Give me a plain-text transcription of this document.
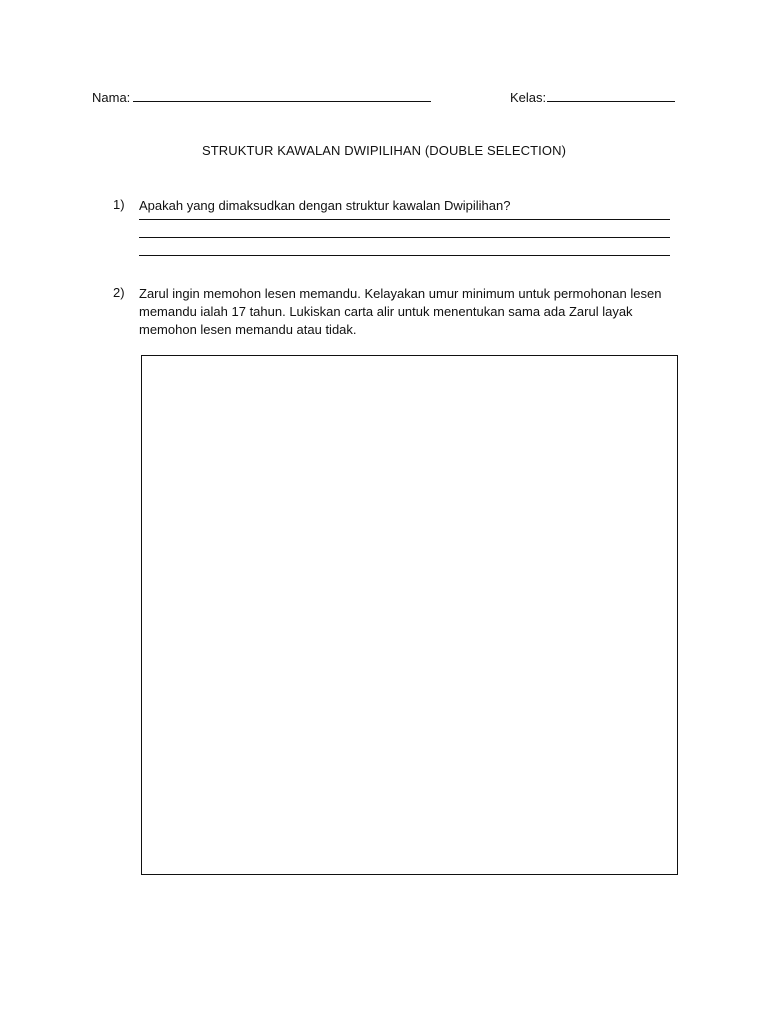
Nama:	Kelas:
STRUKTUR KAWALAN DWIPILIHAN (DOUBLE SELECTION)
1) Apakah yang dimaksudkan dengan struktur kawalan Dwipilihan?
2) Zarul ingin memohon lesen memandu. Kelayakan umur minimum untuk permohonan lesen memandu ialah 17 tahun. Lukiskan carta alir untuk menentukan sama ada Zarul layak memohon lesen memandu atau tidak.
